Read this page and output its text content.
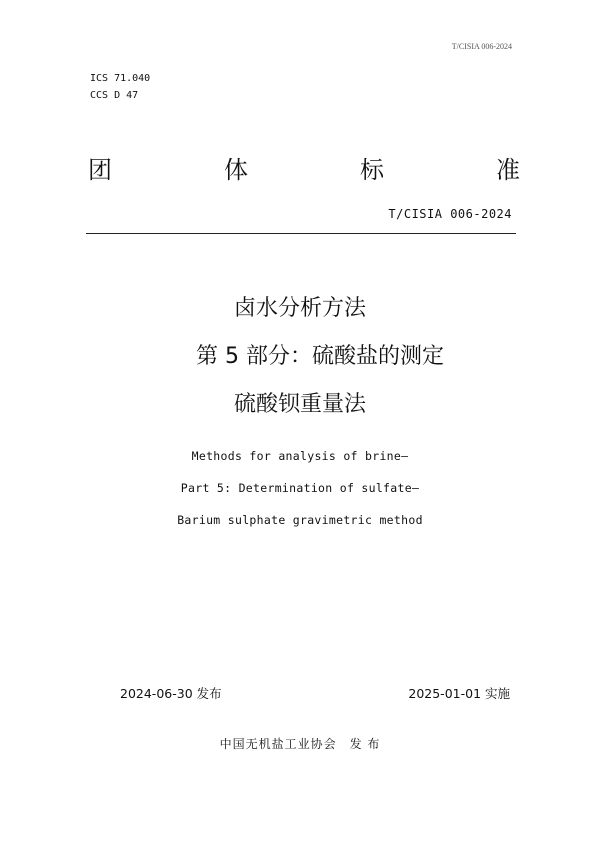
T/CISIA 006-2024
ICS 71.040
CCS D 47
团	体	标	准
T/CISIA 006-2024
卤水分析方法
第 5 部分：硫酸盐的测定
硫酸钡重量法
Methods for analysis of brine—
Part 5: Determination of sulfate—
Barium sulphate gravimetric method
2024-06-30 发布	2025-01-01 实施
中国无机盐工业协会　发 布
